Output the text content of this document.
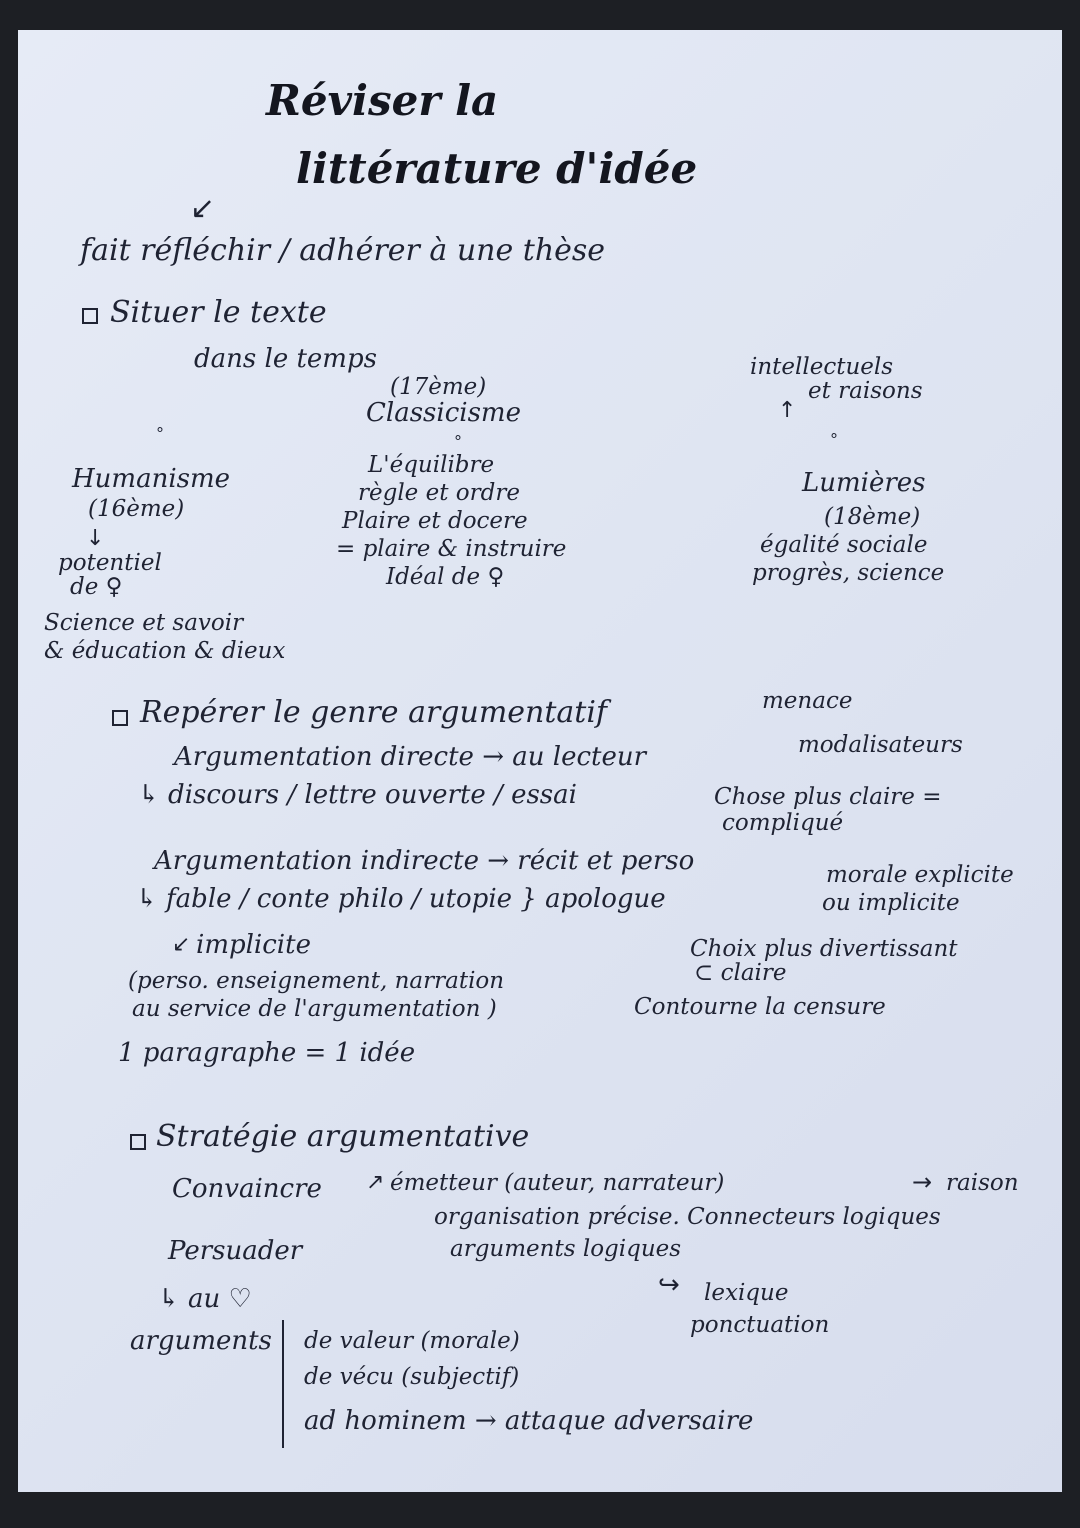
Réviser la
littérature d'idée
↙
fait réfléchir / adhérer à une thèse
Situer le texte
dans le temps
(17ème)
Classicisme
°	°
L'équilibre
règle et ordre
Plaire et docere
= plaire & instruire
Idéal de ♀
Humanisme
(16ème)
↓
potentiel
de ♀
Science et savoir
& éducation & dieux
intellectuels
et raisons
↑
°
Lumières
(18ème)
égalité sociale
progrès, science
menace
Repérer le genre argumentatif
modalisateurs
Argumentation directe → au lecteur
↳ discours / lettre ouverte / essai	Chose plus claire =
compliqué
Argumentation indirecte → récit et perso	morale explicite
↳ fable / conte philo / utopie } apologue	ou implicite
↙ implicite	Choix plus divertissant
⊂ claire
(perso. enseignement, narration
au service de l'argumentation )	Contourne la censure
1 paragraphe = 1 idée
Stratégie argumentative
Convaincre ↗ émetteur (auteur, narrateur)	→ raison
organisation précise. Connecteurs logiques
Persuader	arguments logiques
↳ au ♡	↪ lexique
ponctuation
arguments de valeur (morale)
de vécu (subjectif)
ad hominem → attaque adversaire
